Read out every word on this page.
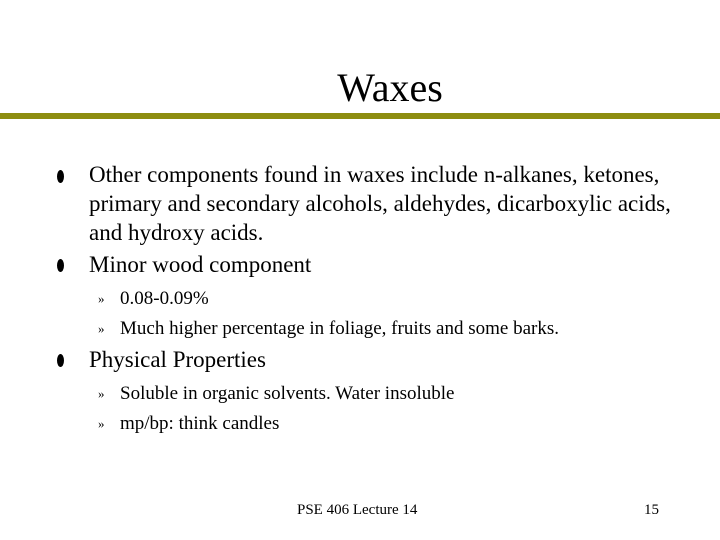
Waxes
Other components found in waxes include n-alkanes, ketones, primary and secondary alcohols, aldehydes, dicarboxylic acids, and hydroxy acids.
Minor wood component
» 0.08-0.09%
» Much higher percentage in foliage, fruits and some barks.
Physical Properties
» Soluble in organic solvents. Water insoluble
» mp/bp: think candles
PSE 406 Lecture 14	15
